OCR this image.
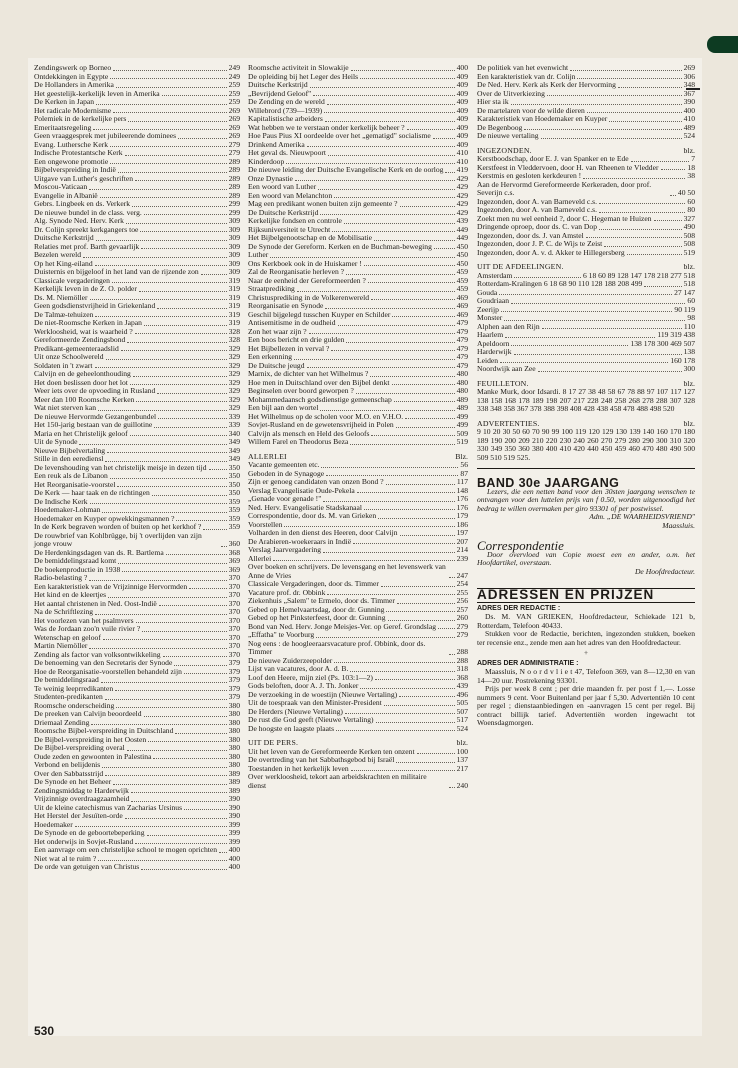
Zendingswerk op Borneo	249
Ontdekkingen in Egypte	249
De Hollanders in Amerika	259
Het geestelijk-kerkelijk leven in Amerika	259
De Kerken in Japan	259
Het radicale Modernisme	269
Polemiek in de kerkelijke pers	269
Emeritaatsregeling	269
Geen vraaggesprek met jubileerende dominees	269
Evang. Luthersche Kerk	279
Indische Protestantsche Kerk	279
Een ongewone promotie	289
Bijbelverspreiding in Indië	289
Uitgave van Luther's geschriften	289
Moscou-Vaticaan	289
Evangelie in Albanië	289
Gebrs. Lingbeek en ds. Verkerk	299
De nieuwe bundel in de class. verg.	299
Alg. Synode Ned. Herv. Kerk	309
Dr. Colijn spreekt kerkgangers toe	309
Duitsche Kerkstrijd	309
Relaties met prof. Barth gevaarlijk	309
Bezelen wereld	309
Op het King-eiland	309
Duisternis en bijgeloof in het land van de rijzende zon	309
Classicale vergaderingen	319
Kerkelijk leven in de Z. O. polder	319
Ds. M. Niemöller	319
Geen godsdienstvrijheid in Griekenland	319
De Talmæ-tehuizen	319
De niet-Roomsche Kerken in Japan	319
Werkloosheid, wat is waarheid ?	328
Gereformeerde Zendingsbond	328
Predikant-gemeenteraadslid	329
Uit onze Schoolwereld	329
Soldaten in 't zwart	329
Calvijn en de geheelonthouding	329
Het doen beslissen door het lot	329
Weer iets over de opvoeding in Rusland	329
Meer dan 100 Roomsche Kerken	329
Wat niet sterven kan	329
De nieuwe Hervormde Gezangenbundel	339
Het 150-jarig bestaan van de guillotine	339
Maria en het Christelijk geloof	340
Uit de Synode	349
Nieuwe Bijbelvertaling	349
Stille in den eerediensl	349
De levenshouding van het christelijk meisje in dezen tijd	350
Een reuk als de Libanon	350
Het Reorganisatie-voorstel	350
De Kerk — haar taak en de richtingen	350
De Indische Kerk	359
Hoedemaker-Lohman	359
Hoedemaker en Kuyper opwekkingsmannen ?	359
In de Kerk begraven worden of buiten op het kerkhof ?	359
De rouwbrief van Kohlbrügge, bij 't overlijden van zijn jonge vrouw	360
De Herdenkingsdagen van ds. R. Bartlema	368
De bemiddelingsraad komt	369
De boekenproductie in 1938	369
Radio-belasting ?	370
Een karakteristiek van de Vrijzinnige Hervormden	370
Het kind en de kleertjes	370
Het aantal christenen in Ned. Oost-Indië	370
Na de Schriftlezing	370
Het voorlezen van het psalmvers	370
Was de Jordaan zoo'n vuile rivier ?	370
Wetenschap en geloof	370
Martin Niemöller	370
Zending als factor van volksontwikkeling	370
De benoeming van den Secretaris der Synode	379
Hoe de Reorganisatie-voorstellen behandeld zijn	379
De bemiddelingsraad	379
Te weinig leeprredikanten	379
Studenten-predikanten	379
Roomsche onderscheiding	380
De preeken van Calvijn beoordeeld	380
Driemaal Zending	380
Roomsche Bijbel-verspreiding in Duitschland	380
De Bijbel-verspreiding in het Oosten	380
De Bijbel-verspreiding overal	380
Oude zeden en gewoonten in Palestina	380
Verbond en belijdenis	380
Over den Sabbatsstrijd	389
De Synode en het Beheer	389
Zendingsmiddag te Harderwijk	389
Vrijzinnige overdraagzaamheid	390
Uit de kleine catechismus van Zacharias Ursinus	390
Het Herstel der Jesuïten-orde	390
Hoedemaker	399
De Synode en de geboortebeperking	399
Het onderwijs in Sovjet-Rusland	399
Een aanvrage om een christelijke school te mogen oprichten 400
Niet wat al te ruim ?	400
De orde van getuigen van Christus	400
Roomsche activiteit in Slowakije	400
De opleiding bij het Leger des Heils	409
Duitsche Kerkstrijd	409
„Bevrijdend Geloof"	409
De Zending en de wereld	409
Willebrord (739—1939)	409
Kapitalistische arbeiders	409
Wat hebben we te verstaan onder kerkelijk beheer ?	409
Hoe Paus Pius XI oordeelde over het „gematigd" socialisme	409
Drinkend Amerika	409
Het geval ds. Nieuwpoort	410
Kinderdoop	410
De nieuwe leiding der Duitsche Evangelische Kerk en de oorlog 419
Onze Dynastie	429
Een woord van Luther	429
Een woord van Melanchton	429
Mag een predikant wonen buiten zijn gemeente ?	429
De Duitsche Kerkstrijd	429
Kerkelijke fondsen en controle	439
Rijksuniversiteit te Utrecht	449
Het Bijbelgenootschap en de Mobilisatie	449
De Synode der Gereform. Kerken en de Buchman-beweging	450
Luther	450
Ons Kerkboek ook in de Huiskamer !	450
Zal de Reorganisatie herleven ?	459
Naar de eenheid der Gereformeerden ?	459
Straatprediking	459
Christusprediking in de Volkerenwereld	469
Reorganisatie en Synode	469
Geschil bijgelegd tusschen Kuyper en Schilder	469
Antisemitisme in de oudheid	479
Zon het waar zijn ?	479
Een boos bericht en drie gulden	479
Het Bijbellezen in verval ?	479
Een erkenning	479
De Duitsche jeugd	479
Marnix, de dichter van het Wilhelmus ?	480
Hoe men in Duitschland over den Bijbel denkt	480
Beginselen over boord geworpen ?	480
Mohammedaansch godsdienstige gemeenschap	489
Een bijl aan den wortel	489
Het Wilhelmus op de scholen voor M.O. en V.H.O.	499
Sovjet-Rusland en de gewetensvrijheid in Polen	499
Calvijn als mensch en Held des Geloofs	509
Willem Farel en Theodorus Beza	519
ALLERLEI	Blz.
Vacante gemeenten etc.	56
Geboden in de Synagoge	87
Zijn er genoeg candidaten van onzen Bond ?	117
Verslag Evangelisatie Oude-Pekela	148
„Genade voor genade !"	176
Ned. Herv. Evangelisatie Stadskanaal	176
Correspondentie, door ds. M. van Grieken	179
Voorstellen	186
Volharden in den dienst des Heeren, door Calvijn	197
De Arabieren-woekeraars in Indië	207
Verslag Jaarvergadering	214
Allerlei	239
Over boeken en schrijvers. De levensgang en het levenswerk van Anne de Vries	247
Classicale Vergaderingen, door ds. Timmer	254
Vacature prof. dr. Obbink	255
Ziekenhuis „Salem" te Ermelo, door ds. Timmer	256
Gebed op Hemelvaartsdag, door dr. Gunning	257
Gebed op het Pinksterfeest, door dr. Gunning	260
Bond van Ned. Herv. Jonge Meisjes-Ver. op Geref. Grondslag	279
„Effatha" te Voorburg	279
Nog eens : de hoogleeraarsvacature prof. Obbink, door ds. Timmer	288
De nieuwe Zuiderzeepolder	288
Lijst van vacatures, door A. d. B.	318
Loof den Heere, mijn ziel (Ps. 103:1—2)	368
Gods beloften, door A. J. Th. Jonker	439
De verzoeking in de woestijn (Nieuwe Vertaling)	496
Uit de toespraak van den Minister-President	505
De Herders (Nieuwe Vertaling)	507
De rust die God geeft (Nieuwe Vertaling)	517
De hoogste en laagste plaats	524
UIT DE PERS.	blz.
Uit het leven van de Gereformeerde Kerken ten onzent	100
De overtreding van het Sabbathsgebod bij Israël	137
Toestanden in het kerkelijk leven	217
Over werkloosheid, tekort aan arbeidskrachten en militaire dienst	240
De politiek van het evenwicht	269
Een karakteristiek van dr. Colijn	306
De Ned. Herv. Kerk als Kerk der Hervorming	348
Over de Uitverkiezing	367
Hier sta ik	390
De martelaren voor de wilde dieren	400
Karakteristiek van Hoedemaker en Kuyper	410
De Begenboog	489
De nieuwe vertaling	524
INGEZONDEN.	blz.
Kerstboodschap, door E. J. van Spanker en te Ede	7
Kerstfeest in Vleddervoen, door H. van Rheenen te Vledder	18
Kerstmis en gesloten kerkdeuren !	38
Aan de Hervormd Gereformeerde Kerkeraden, door prof. Severijn c.s.	40 50
Ingezonden, door A. van Barneveld c.s.	60
Ingezonden, door A. van Barneveld c.s.	80
Zoekt men nu wel eenheid ?, door C. Hegeman te Huizen	327
Dringende oproep, door ds. C. van Dop	490
Ingezonden, door ds. J. van Amstel	508
Ingezonden, door J. P. C. de Wijs te Zeist	508
Ingezonden, door A. v. d. Akker te Hillegersberg	519
UIT DE AFDEELINGEN.	blz.
Amsterdam	6 18 60 89 128 147 178 218 277 518
Rotterdam-Kralingen 6 18 68 90 110 128 188 208 499	518
Gouda	27 147
Goudriaan	60
Zeerijp	90 119
Monster	98
Alphen aan den Rijn	110
Haarlem	119 319 438
Apeldoorn	138 178 300 469 507
Harderwijk	138
Leiden	160 178
Noordwijk aan Zee	300
FEUILLETON.	blz.
Manke Murk, door Idsardi. 8 17 27 38 48 58 67 78 88 97 107 117 127 138 158 168 178 189 198 207 217 228 248 258 268 278 288 307 328 338 348 358 367 378 388 398 408 428 438 458 478 488 498 520
ADVERTENTIES.	blz.
9 10 20 30 50 60 70 90 99 100 119 120 129 130 139 140 160 170 180 189 190 200 209 210 220 230 240 260 270 279 280 290 300 310 320 330 349 350 360 380 400 410 420 440 450 459 460 470 480 490 500 509 510 519 525.
BAND 30e JAARGANG
Lezers, die een netten band voor den 30sten jaargang wenschen te ontvangen voor den luttelen prijs van f 0.50, worden uitgenoodigd het bedrag te willen overmaken per giro 93301 of per postwissel.
Adm. „DE WAARHEIDSVRIEND"
Maassluis.
Correspondentie
Door overvloed van Copie moest een en ander, o.m. het Hoofdartikel, overstaan.
De Hoofdredacteur.
ADRESSEN EN PRIJZEN
ADRES DER REDACTIE :
Ds. M. VAN GRIEKEN, Hoofdredacteur, Schiekade 121 b, Rotterdam, Telefoon 40433.
Stukken voor de Redactie, berichten, ingezonden stukken, boeken ter recensie enz., zende men aan het adres van den Hoofdredacteur.
+
ADRES DER ADMINISTRATIE :
Maassluis, N o o r d v l i e t 47, Telefoon 369, van 8—12,30 en van 14—20 uur. Postrekening 93301.
Prijs per week 8 cent ; per drie maanden fr. per post f 1,—. Losse nummers 9 cent. Voor Buitenland per jaar f 5,30. Advertentiën 10 cent per regel ; dienstaanbiedingen en -aanvragen 15 cent per regel. Bij contract billijk tarief. Advertentiën worden ingewacht tot Woensdagmorgen.
530
